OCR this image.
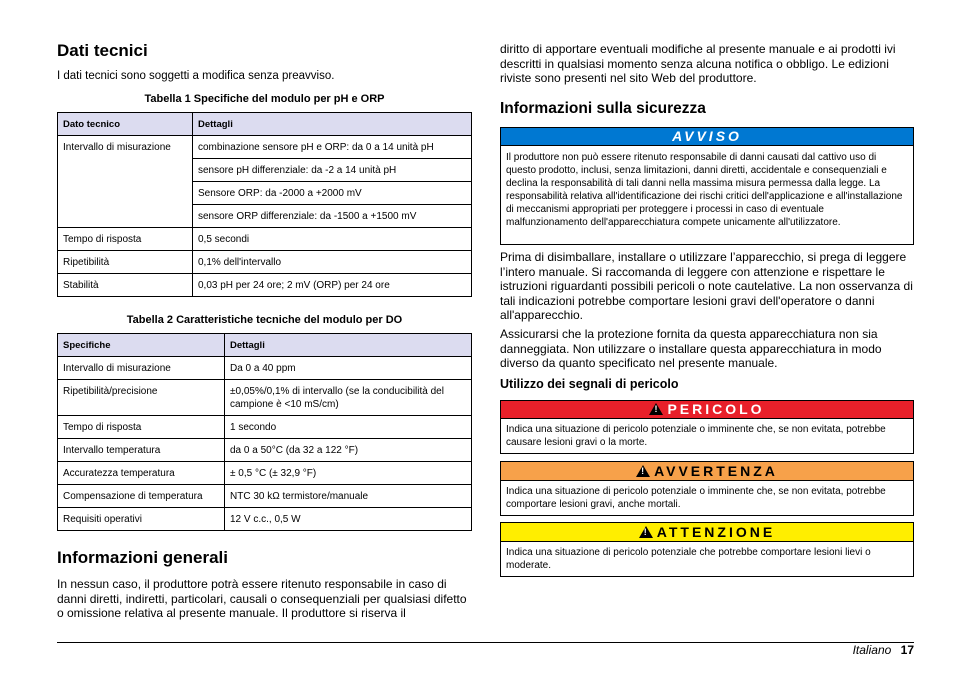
Dati tecnici

I dati tecnici sono soggetti a modifica senza preavviso.

Tabella 1 Specifiche del modulo per pH e ORP
Dato tecnico	Dettagli
Intervallo di misurazione	combinazione sensore pH e ORP: da 0 a 14 unità pH
	sensore pH differenziale: da -2 a 14 unità pH
	Sensore ORP: da -2000 a +2000 mV
	sensore ORP differenziale: da -1500 a +1500 mV
Tempo di risposta	0,5 secondi
Ripetibilità	0,1% dell'intervallo
Stabilità	0,03 pH per 24 ore; 2 mV (ORP) per 24 ore
Tabella 2 Caratteristiche tecniche del modulo per DO
Specifiche	Dettagli
Intervallo di misurazione	Da 0 a 40 ppm
Ripetibilità/precisione	±0,05%/0,1% di intervallo (se la conducibilità del campione è <10 mS/cm)
Tempo di risposta	1 secondo
Intervallo temperatura	da 0 a 50°C (da 32 a 122 °F)
Accuratezza temperatura	± 0,5 °C (± 32,9 °F)
Compensazione di temperatura	NTC 30 kΩ termistore/manuale
Requisiti operativi	12 V c.c., 0,5 W
Informazioni generali

In nessun caso, il produttore potrà essere ritenuto responsabile in caso di danni diretti, indiretti, particolari, causali o consequenziali per qualsiasi difetto o omissione relativa al presente manuale. Il produttore si riserva il

diritto di apportare eventuali modifiche al presente manuale e ai prodotti ivi descritti in qualsiasi momento senza alcuna notifica o obbligo. Le edizioni riviste sono presenti nel sito Web del produttore.

Informazioni sulla sicurezza
AVVISO
Il produttore non può essere ritenuto responsabile di danni causati dal cattivo uso di questo prodotto, inclusi, senza limitazioni, danni diretti, accidentale e consequenziali e declina la responsabilità di tali danni nella massima misura permessa dalla legge. La responsabilità relativa all'identificazione dei rischi critici dell'applicazione e all'installazione di meccanismi appropriati per proteggere i processi in caso di eventuale malfunzionamento dell'apparecchiatura compete unicamente all'utilizzatore.

Prima di disimballare, installare o utilizzare l’apparecchio, si prega di leggere l’intero manuale. Si raccomanda di leggere con attenzione e rispettare le istruzioni riguardanti possibili pericoli o note cautelative. La non osservanza di tali indicazioni potrebbe comportare lesioni gravi dell'operatore o danni all'apparecchio.

Assicurarsi che la protezione fornita da questa apparecchiatura non sia danneggiata. Non utilizzare o installare questa apparecchiatura in modo diverso da quanto specificato nel presente manuale.

Utilizzo dei segnali di pericolo
!PERICOLO
Indica una situazione di pericolo potenziale o imminente che, se non evitata, potrebbe causare lesioni gravi o la morte.
!AVVERTENZA
Indica una situazione di pericolo potenziale o imminente che, se non evitata, potrebbe comportare lesioni gravi, anche mortali.
!ATTENZIONE
Indica una situazione di pericolo potenziale che potrebbe comportare lesioni lievi o moderate.
Italiano 17
